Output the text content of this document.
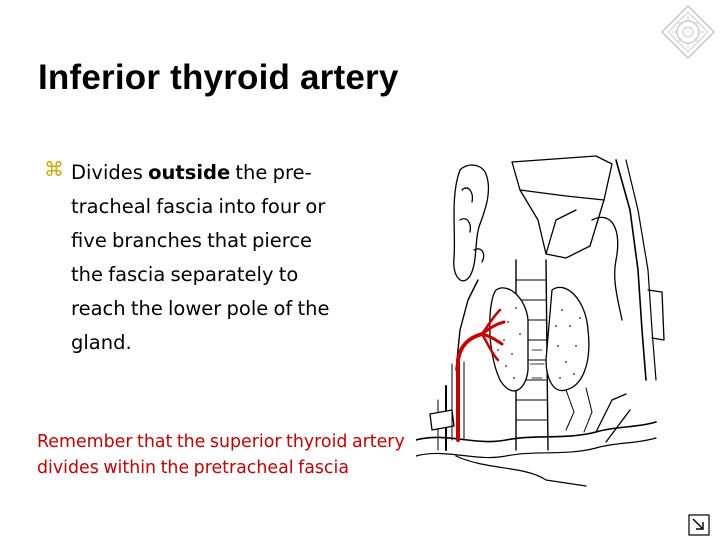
Inferior thyroid artery
⌘ Divides outside the pre-tracheal fascia into four or five branches that pierce the fascia separately to reach the lower pole of the gland.
Remember that the superior thyroid artery divides within the pretracheal fascia
